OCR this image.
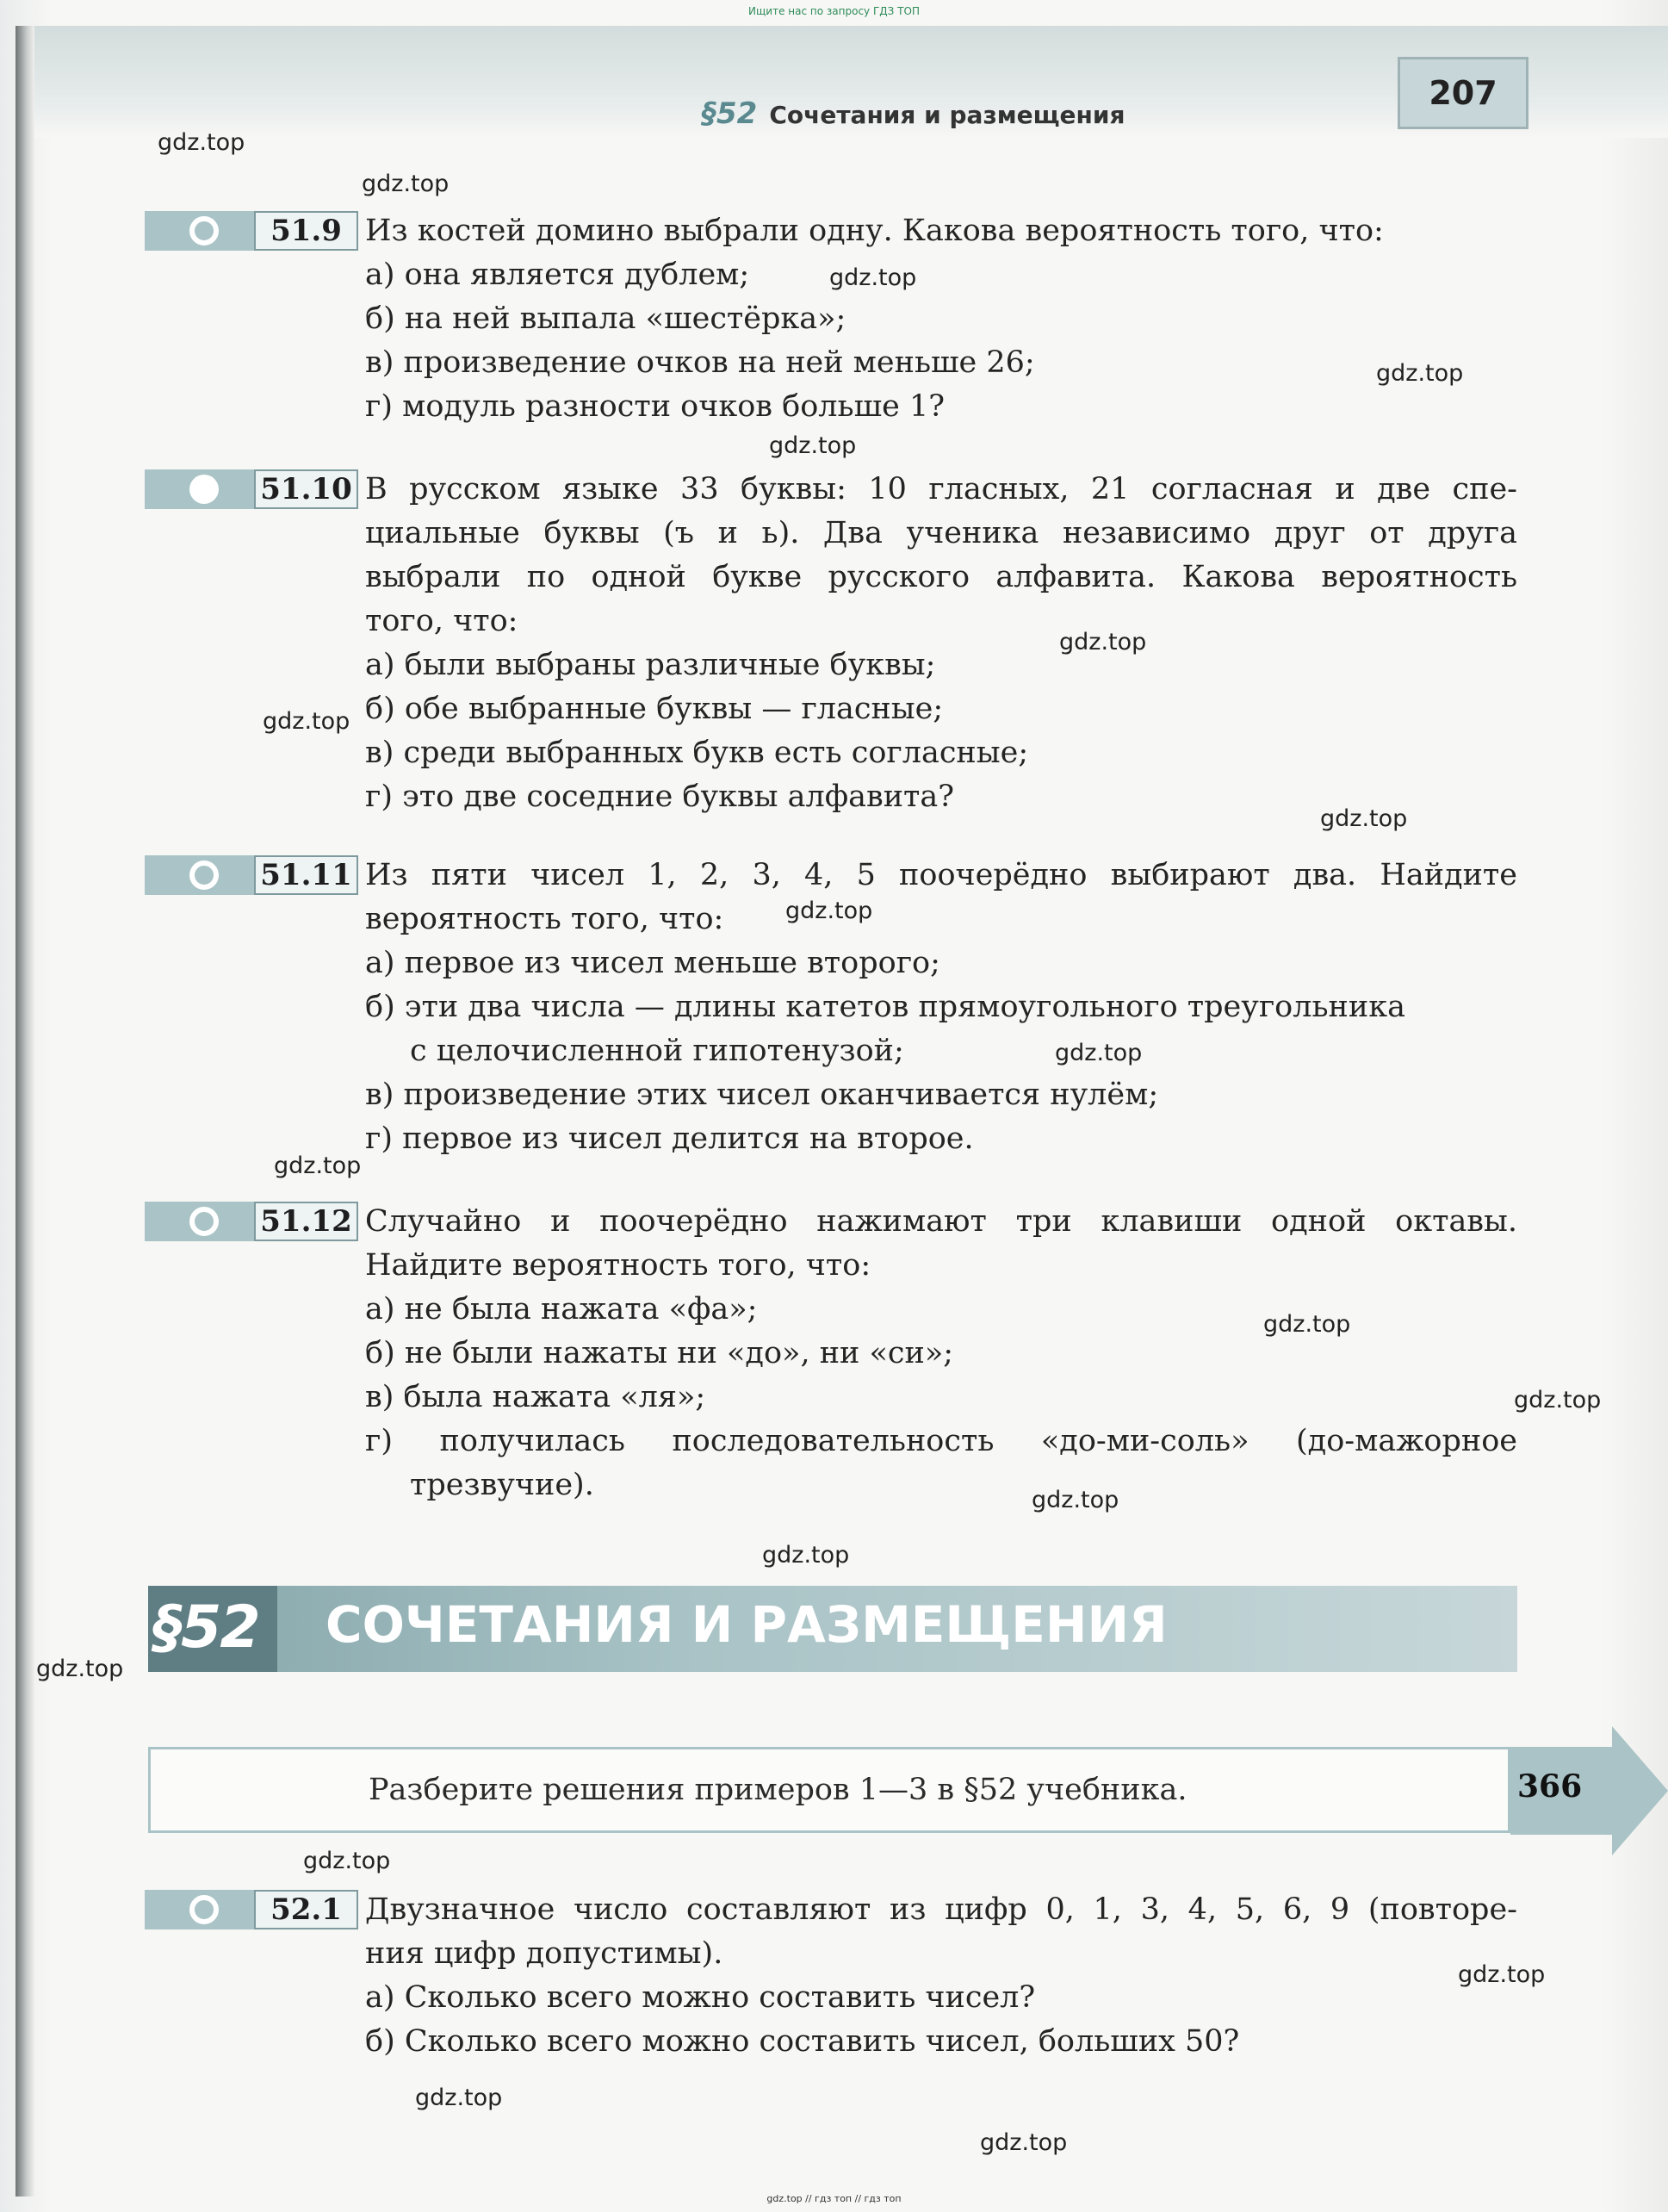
Ищите нас по запросу ГДЗ ТОП
§52 Сочетания и размещения
207
gdz.top
gdz.top
gdz.top
gdz.top
gdz.top
gdz.top
gdz.top
gdz.top
gdz.top
gdz.top
gdz.top
gdz.top
gdz.top
gdz.top
gdz.top
gdz.top
gdz.top
gdz.top
gdz.top
gdz.top
51.9 Из костей домино выбрали одну. Какова вероятность того, что:
а) она является дублем;
б) на ней выпала «шестёрка»;
в) произведение очков на ней меньше 26;
г) модуль разности очков больше 1?
51.10 В русском языке 33 буквы: 10 гласных, 21 согласная и две спе-
циальные буквы (ъ и ь). Два ученика независимо друг от друга
выбрали по одной букве русского алфавита. Какова вероятность
того, что:
а) были выбраны различные буквы;
б) обе выбранные буквы — гласные;
в) среди выбранных букв есть согласные;
г) это две соседние буквы алфавита?
51.11 Из пяти чисел 1, 2, 3, 4, 5 поочерёдно выбирают два. Найдите
вероятность того, что:
а) первое из чисел меньше второго;
б) эти два числа — длины катетов прямоугольного треугольника
с целочисленной гипотенузой;
в) произведение этих чисел оканчивается нулём;
г) первое из чисел делится на второе.
51.12 Случайно и поочерёдно нажимают три клавиши одной октавы.
Найдите вероятность того, что:
а) не была нажата «фа»;
б) не были нажаты ни «до», ни «си»;
в) была нажата «ля»;
г) получилась последовательность «до-ми-соль» (до-мажорное
трезвучие).
§52 СОЧЕТАНИЯ И РАЗМЕЩЕНИЯ
Разберите решения примеров 1—3 в §52 учебника.	366
52.1 Двузначное число составляют из цифр 0, 1, 3, 4, 5, 6, 9 (повторе-
ния цифр допустимы).
а) Сколько всего можно составить чисел?
б) Сколько всего можно составить чисел, больших 50?
gdz.top // гдз топ // гдз топ
